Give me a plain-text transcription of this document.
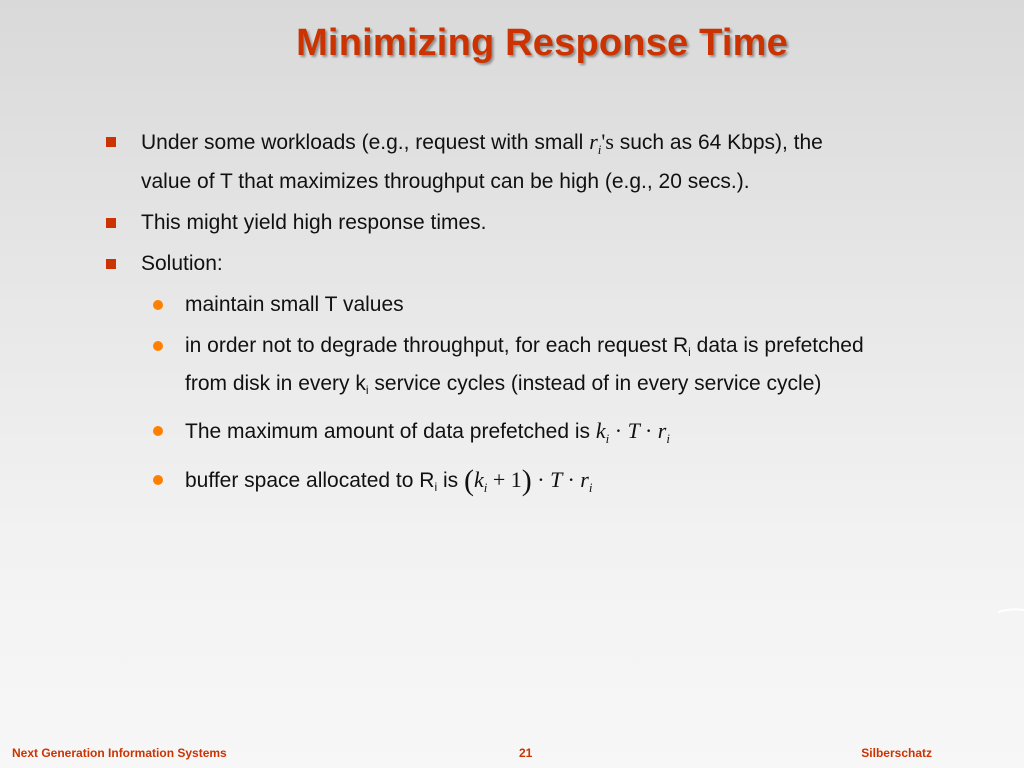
Minimizing Response Time
Under some workloads (e.g., request with small $r_i's$ such as 64 Kbps), the value of T that maximizes throughput can be high (e.g., 20 secs.).
This might yield high response times.
Solution:
maintain small T values
in order not to degrade throughput, for each request $R_i$ data is prefetched from disk in every $k_i$ service cycles (instead of in every service cycle)
The maximum amount of data prefetched is $k_i \cdot T \cdot r_i$
buffer space allocated to $R_i$ is $(k_i + 1) \cdot T \cdot r_i$
Next Generation Information Systems	21	Silberschatz
